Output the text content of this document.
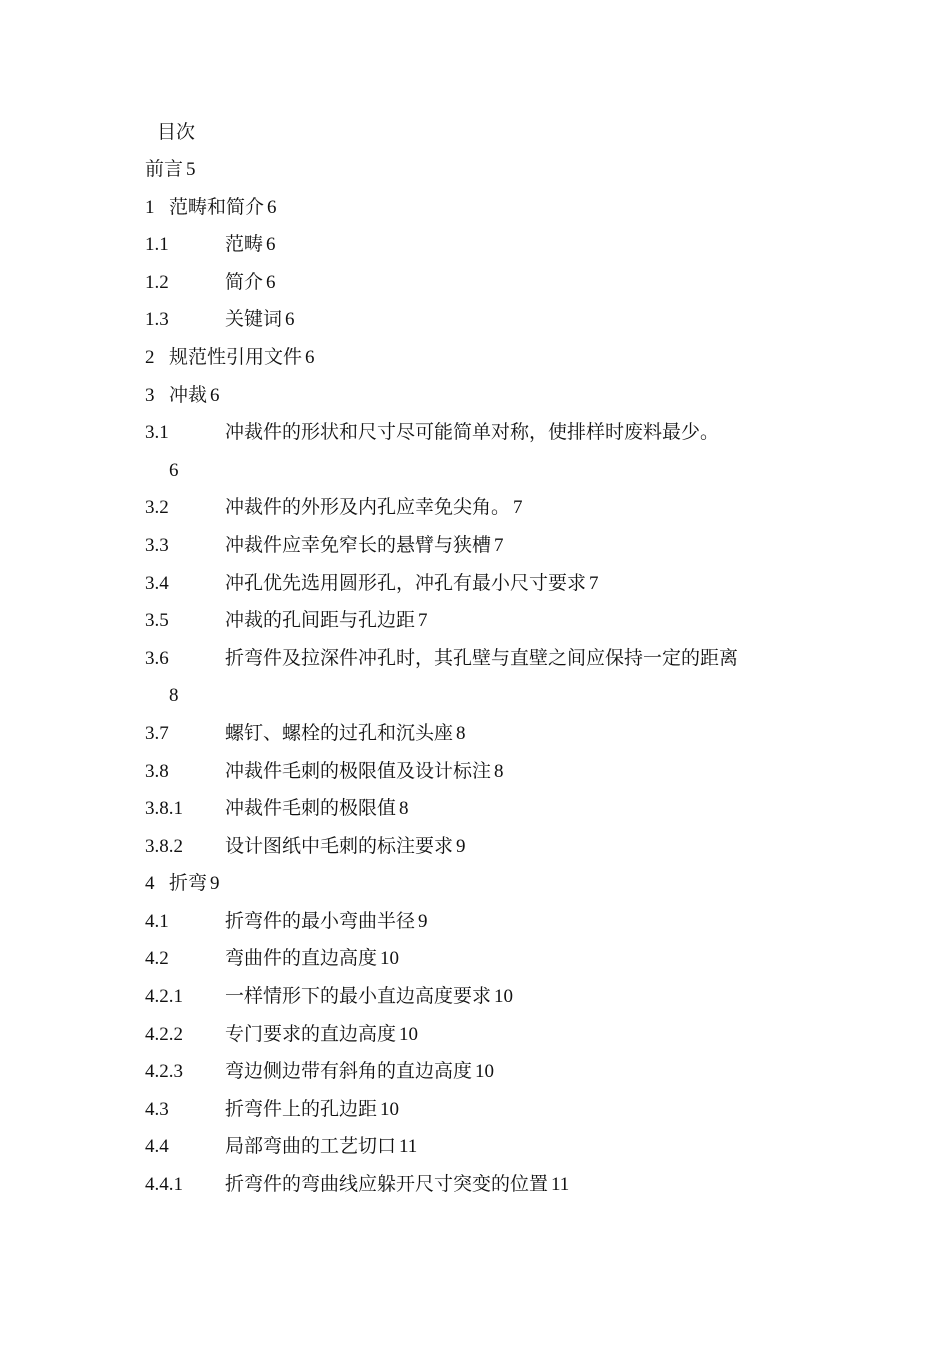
目次
前言 5
1 范畴和简介 6
1.1	范畴 6
1.2	简介 6
1.3	关键词 6
2 规范性引用文件 6
3 冲裁 6
3.1	冲裁件的形状和尺寸尽可能简单对称，使排样时废料最少。
6
3.2	冲裁件的外形及内孔应幸免尖角。 7
3.3	冲裁件应幸免窄长的悬臂与狭槽 7
3.4	冲孔优先选用圆形孔，冲孔有最小尺寸要求 7
3.5	冲裁的孔间距与孔边距 7
3.6	折弯件及拉深件冲孔时，其孔壁与直壁之间应保持一定的距离
8
3.7	螺钉、螺栓的过孔和沉头座 8
3.8	冲裁件毛刺的极限值及设计标注 8
3.8.1 冲裁件毛刺的极限值 8
3.8.2 设计图纸中毛刺的标注要求 9
4 折弯 9
4.1	折弯件的最小弯曲半径 9
4.2	弯曲件的直边高度 10
4.2.1 一样情形下的最小直边高度要求 10
4.2.2 专门要求的直边高度 10
4.2.3 弯边侧边带有斜角的直边高度 10
4.3	折弯件上的孔边距 10
4.4	局部弯曲的工艺切口 11
4.4.1 折弯件的弯曲线应躲开尺寸突变的位置 11
